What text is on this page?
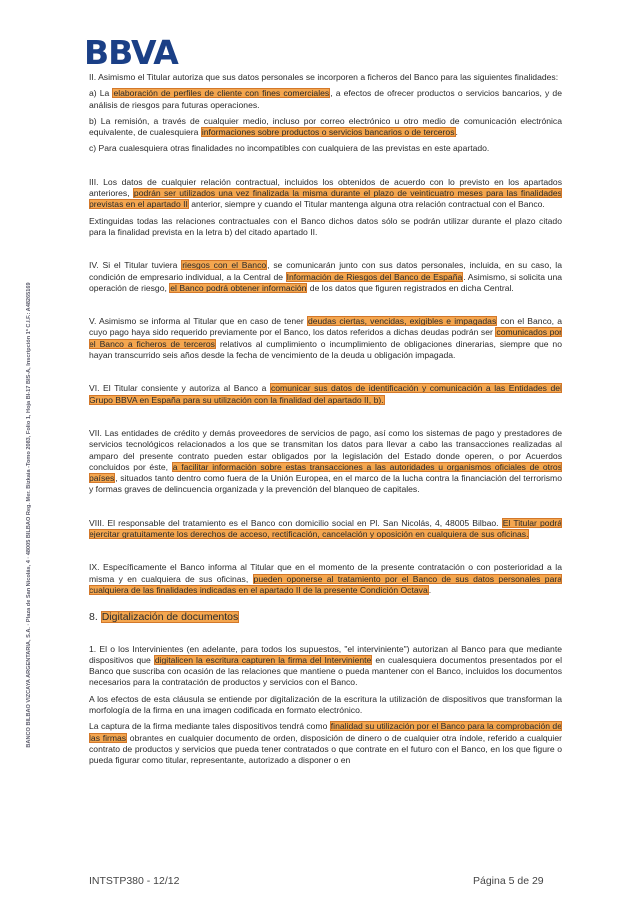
BBVA
BANCO BILBAO VIZCAYA ARGENTARIA, S.A. · Plaza de San Nicolás, 4 · 48005 BILBAO Reg. Mer. Bizkaia -Tomo 2083, Folio 1, Hoja BI-17 BIS-A, Inscripción 1ª C.I.F.: A48265169

II. Asimismo el Titular autoriza que sus datos personales se incorporen a ficheros del Banco para las siguientes finalidades:

a) La elaboración de perfiles de cliente con fines comerciales, a efectos de ofrecer productos o servicios bancarios, y de análisis de riesgos para futuras operaciones.

b) La remisión, a través de cualquier medio, incluso por correo electrónico u otro medio de comunicación electrónica equivalente, de cualesquiera informaciones sobre productos o servicios bancarios o de terceros.

c) Para cualesquiera otras finalidades no incompatibles con cualquiera de las previstas en este apartado.

III. Los datos de cualquier relación contractual, incluidos los obtenidos de acuerdo con lo previsto en los apartados anteriores, podrán ser utilizados una vez finalizada la misma durante el plazo de veinticuatro meses para las finalidades previstas en el apartado II anterior, siempre y cuando el Titular mantenga alguna otra relación contractual con el Banco.

Extinguidas todas las relaciones contractuales con el Banco dichos datos sólo se podrán utilizar durante el plazo citado para la finalidad prevista en la letra b) del citado apartado II.

IV. Si el Titular tuviera riesgos con el Banco, se comunicarán junto con sus datos personales, incluida, en su caso, la condición de empresario individual, a la Central de Información de Riesgos del Banco de España. Asimismo, si solicita una operación de riesgo, el Banco podrá obtener información de los datos que figuren registrados en dicha Central.

V. Asimismo se informa al Titular que en caso de tener deudas ciertas, vencidas, exigibles e impagadas con el Banco, a cuyo pago haya sido requerido previamente por el Banco, los datos referidos a dichas deudas podrán ser comunicados por el Banco a ficheros de terceros relativos al cumplimiento o incumplimiento de obligaciones dinerarias, siempre que no hayan transcurrido seis años desde la fecha de vencimiento de la deuda u obligación impagada.

VI. El Titular consiente y autoriza al Banco a comunicar sus datos de identificación y comunicación a las Entidades del Grupo BBVA en España para su utilización con la finalidad del apartado II, b).

VII. Las entidades de crédito y demás proveedores de servicios de pago, así como los sistemas de pago y prestadores de servicios tecnológicos relacionados a los que se transmitan los datos para llevar a cabo las transacciones realizadas al amparo del presente contrato pueden estar obligados por la legislación del Estado donde operen, o por Acuerdos concluidos por éste, a facilitar información sobre estas transacciones a las autoridades u organismos oficiales de otros países, situados tanto dentro como fuera de la Unión Europea, en el marco de la lucha contra la financiación del terrorismo y formas graves de delincuencia organizada y la prevención del blanqueo de capitales.

VIII. El responsable del tratamiento es el Banco con domicilio social en Pl. San Nicolás, 4, 48005 Bilbao. El Titular podrá ejercitar gratuitamente los derechos de acceso, rectificación, cancelación y oposición en cualquiera de sus oficinas.

IX. Específicamente el Banco informa al Titular que en el momento de la presente contratación o con posterioridad a la misma y en cualquiera de sus oficinas, pueden oponerse al tratamiento por el Banco de sus datos personales para cualquiera de las finalidades indicadas en el apartado II de la presente Condición Octava.

8. Digitalización de documentos

1. El o los Intervinientes (en adelante, para todos los supuestos, "el interviniente") autorizan al Banco para que mediante dispositivos que digitalicen la escritura capturen la firma del Interviniente en cualesquiera documentos presentados por el Banco que suscriba con ocasión de las relaciones que mantiene o pueda mantener con el Banco, incluidos los documentos necesarios para la contratación de productos y servicios con el Banco.

A los efectos de esta cláusula se entiende por digitalización de la escritura la utilización de dispositivos que transforman la morfología de la firma en una imagen codificada en formato electrónico.

La captura de la firma mediante tales dispositivos tendrá como finalidad su utilización por el Banco para la comprobación de las firmas obrantes en cualquier documento de orden, disposición de dinero o de cualquier otra índole, referido a cualquier contrato de productos y servicios que pueda tener contratados o que contrate en el futuro con el Banco, en los que figure o pueda figurar como titular, representante, autorizado a disponer o en

INTSTP380 - 12/12	Página 5 de 29
